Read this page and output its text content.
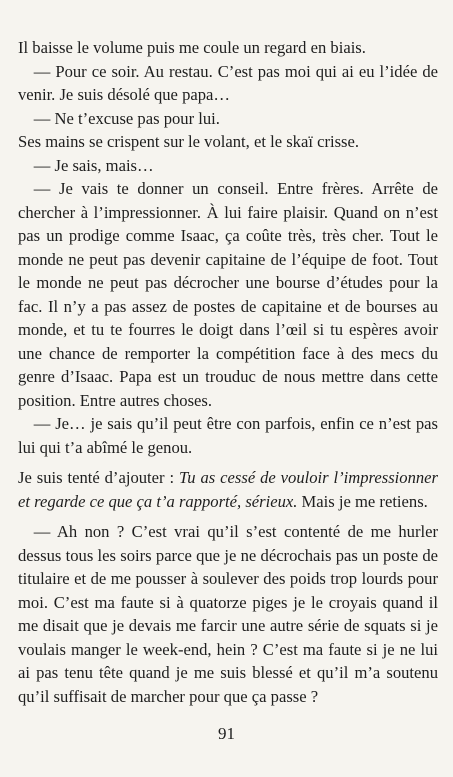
Il baisse le volume puis me coule un regard en biais.

— Pour ce soir. Au restau. C’est pas moi qui ai eu l’idée de venir. Je suis désolé que papa…

— Ne t’excuse pas pour lui.

Ses mains se crispent sur le volant, et le skaï crisse.

— Je sais, mais…

— Je vais te donner un conseil. Entre frères. Arrête de chercher à l’impressionner. À lui faire plaisir. Quand on n’est pas un prodige comme Isaac, ça coûte très, très cher. Tout le monde ne peut pas devenir capitaine de l’équipe de foot. Tout le monde ne peut pas décrocher une bourse d’études pour la fac. Il n’y a pas assez de postes de capitaine et de bourses au monde, et tu te fourres le doigt dans l’œil si tu espères avoir une chance de remporter la compétition face à des mecs du genre d’Isaac. Papa est un trouduc de nous mettre dans cette position. Entre autres choses.

— Je… je sais qu’il peut être con parfois, enfin ce n’est pas lui qui t’a abîmé le genou.

Je suis tenté d’ajouter : Tu as cessé de vouloir l’impressionner et regarde ce que ça t’a rapporté, sérieux. Mais je me retiens.

— Ah non ? C’est vrai qu’il s’est contenté de me hurler dessus tous les soirs parce que je ne décrochais pas un poste de titulaire et de me pousser à soulever des poids trop lourds pour moi. C’est ma faute si à quatorze piges je le croyais quand il me disait que je devais me farcir une autre série de squats si je voulais manger le week-end, hein ? C’est ma faute si je ne lui ai pas tenu tête quand je me suis blessé et qu’il m’a soutenu qu’il suffisait de marcher pour que ça passe ?

91
